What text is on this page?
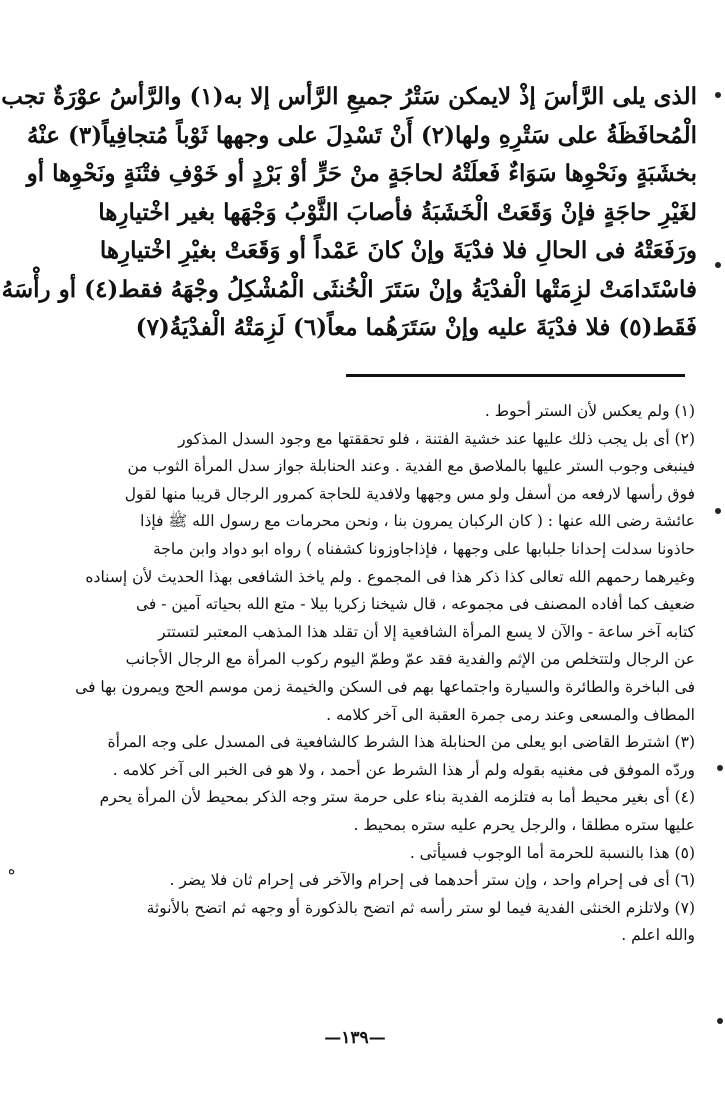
الذى يلى الرَّأسَ إذْ لايمكن سَتْرُ جميعِ الرَّأس إلا به(١) والرَّأسُ عوْرَةٌ تجب
الْمُحافَظَةُ على سَتْرِهِ ولها(٢) أَنْ تَسْدِلَ على وجهها ثَوْباً مُتجافِياً(٣) عنْهُ
بخشَبَةٍ ونَحْوِها سَوَاءٌ فَعلَتْهُ لحاجَةٍ منْ حَرٍّ أوْ بَرْدٍ أو خَوْفِ فتْنَةٍ ونَحْوِها أو
لغَيْرِ حاجَةٍ فإنْ وَقَعَتْ الْخَشَبَةُ فأصابَ الثَّوْبُ وَجْهَها بغير اخْتيارِها
ورَفَعَتْهُ فى الحالِ فلا فدْيَةَ وإنْ كانَ عَمْداً أو وَقَعَتْ بغيْرِ اخْتيارِها
فاسْتَدامَتْ لزِمَتْها الْفدْيَةُ وإنْ سَتَرَ الْخُنثَى الْمُشْكِلُ وجْهَهُ فقط(٤) أو رأْسَهُ
فَقَط(٥) فلا فدْيَةَ عليه وإنْ سَتَرَهُما معاً(٦) لَزِمَتْهُ الْفدْيَةُ(٧)
(١) ولم يعكس لأن الستر أحوط .
(٢) أى بل يجب ذلك عليها عند خشية الفتنة ، فلو تحققتها مع وجود السدل المذكور
فينبغى وجوب الستر عليها بالملاصق مع الفدية . وعند الحنابلة جواز سدل المرأة الثوب من
فوق رأسها لارفعه من أسفل ولو مس وجهها ولافدية للحاجة كمرور الرجال قريبا منها لقول
عائشة رضى الله عنها : ( كان الركبان يمرون بنا ، ونحن محرمات مع رسول الله ﷺ فإذا
حاذونا سدلت إحدانا جلبابها على وجهها ، فإذاجاوزونا كشفناه ) رواه ابو دواد وابن ماجة
وغيرهما رحمهم الله تعالى كذا ذكر هذا فى المجموع . ولم ياخذ الشافعى بهذا الحديث لأن إسناده
ضعيف كما أفاده المصنف فى مجموعه ، قال شيخنا زكريا بيلا - متع الله بحياته آمين - فى
كتابه آخر ساعة - والآن لا يسع المرأة الشافعية إلا أن تقلد هذا المذهب المعتبر لتستتر
عن الرجال ولتتخلص من الإثم والفدية فقد عمّ وطمّ اليوم ركوب المرأة مع الرجال الأجانب
فى الباخرة والطائرة والسيارة واجتماعها بهم فى السكن والخيمة زمن موسم الحج ويمرون بها فى
المطاف والمسعى وعند رمى جمرة العقبة الى آخر كلامه .
(٣) اشترط القاضى ابو يعلى من الحنابلة هذا الشرط كالشافعية فى المسدل على وجه المرأة
وردّه الموفق فى مغنيه بقوله ولم أر هذا الشرط عن أحمد ، ولا هو فى الخبر الى آخر كلامه .
(٤) أى بغير محيط أما به فتلزمه الفدية بناء على حرمة ستر وجه الذكر بمحيط لأن المرأة يحرم
عليها ستره مطلقا ، والرجل يحرم عليه ستره بمحيط .
(٥) هذا بالنسبة للحرمة أما الوجوب فسيأتى .
(٦) أى فى إحرام واحد ، وإن ستر أحدهما فى إحرام والآخر فى إحرام ثان فلا يضر .
(٧) ولاتلزم الخنثى الفدية فيما لو ستر رأسه ثم اتضح بالذكورة أو وجهه ثم اتضح بالأنوثة
والله اعلم .
—١٣٩—
ﻩ
